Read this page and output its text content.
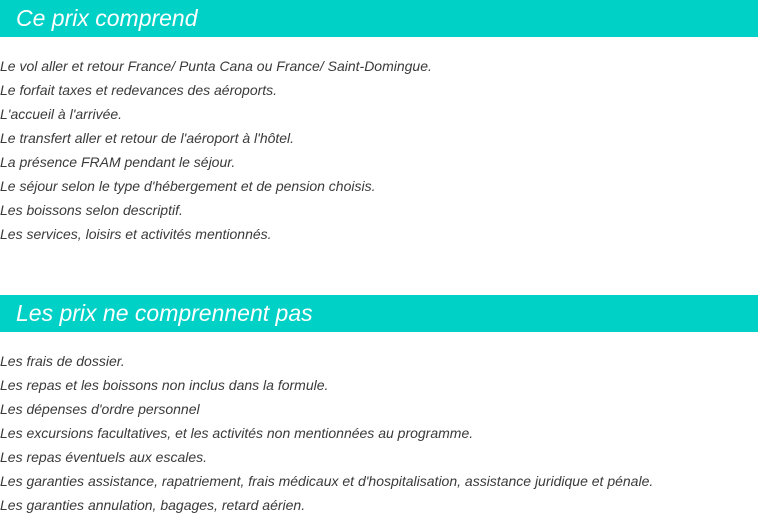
Ce prix comprend
Le vol aller et retour France/ Punta Cana ou France/ Saint-Domingue.
Le forfait taxes et redevances des aéroports.
L'accueil à l'arrivée.
Le transfert aller et retour de l'aéroport à l'hôtel.
La présence FRAM pendant le séjour.
Le séjour selon le type d'hébergement et de pension choisis.
Les boissons selon descriptif.
Les services, loisirs et activités mentionnés.
Les prix ne comprennent pas
Les frais de dossier.
Les repas et les boissons non inclus dans la formule.
Les dépenses d'ordre personnel
Les excursions facultatives, et les activités non mentionnées au programme.
Les repas éventuels aux escales.
Les garanties assistance, rapatriement, frais médicaux et d'hospitalisation, assistance juridique et pénale.
Les garanties annulation, bagages, retard aérien.
